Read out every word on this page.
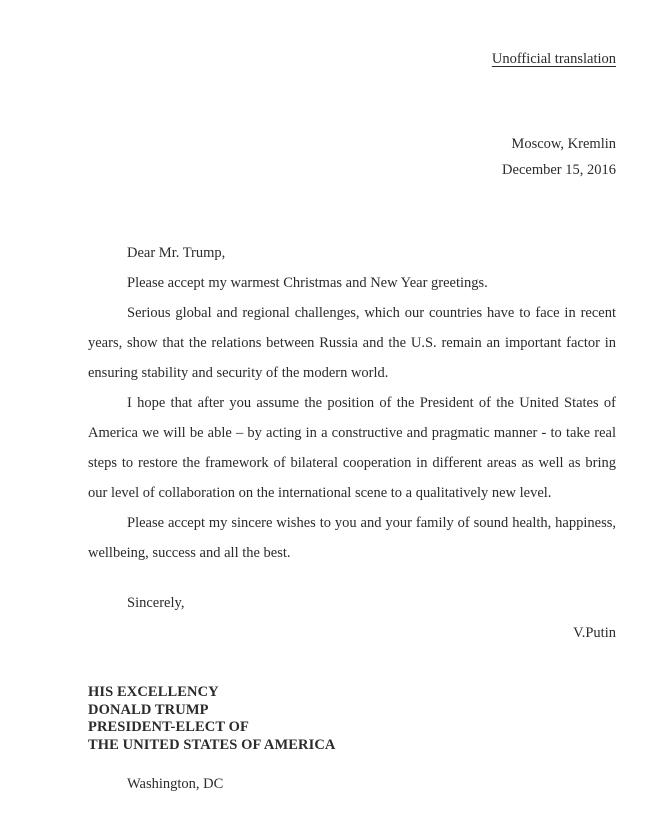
Unofficial translation
Moscow, Kremlin
December 15, 2016

Dear Mr. Trump,

Please accept my warmest Christmas and New Year greetings.

Serious global and regional challenges, which our countries have to face in recent years, show that the relations between Russia and the U.S. remain an important factor in ensuring stability and security of the modern world.

I hope that after you assume the position of the President of the United States of America we will be able – by acting in a constructive and pragmatic manner - to take real steps to restore the framework of bilateral cooperation in different areas as well as bring our level of collaboration on the international scene to a qualitatively new level.

Please accept my sincere wishes to you and your family of sound health, happiness, wellbeing, success and all the best.

Sincerely,
V.Putin
HIS EXCELLENCY
DONALD TRUMP
PRESIDENT-ELECT OF
THE UNITED STATES OF AMERICA
Washington, DC
